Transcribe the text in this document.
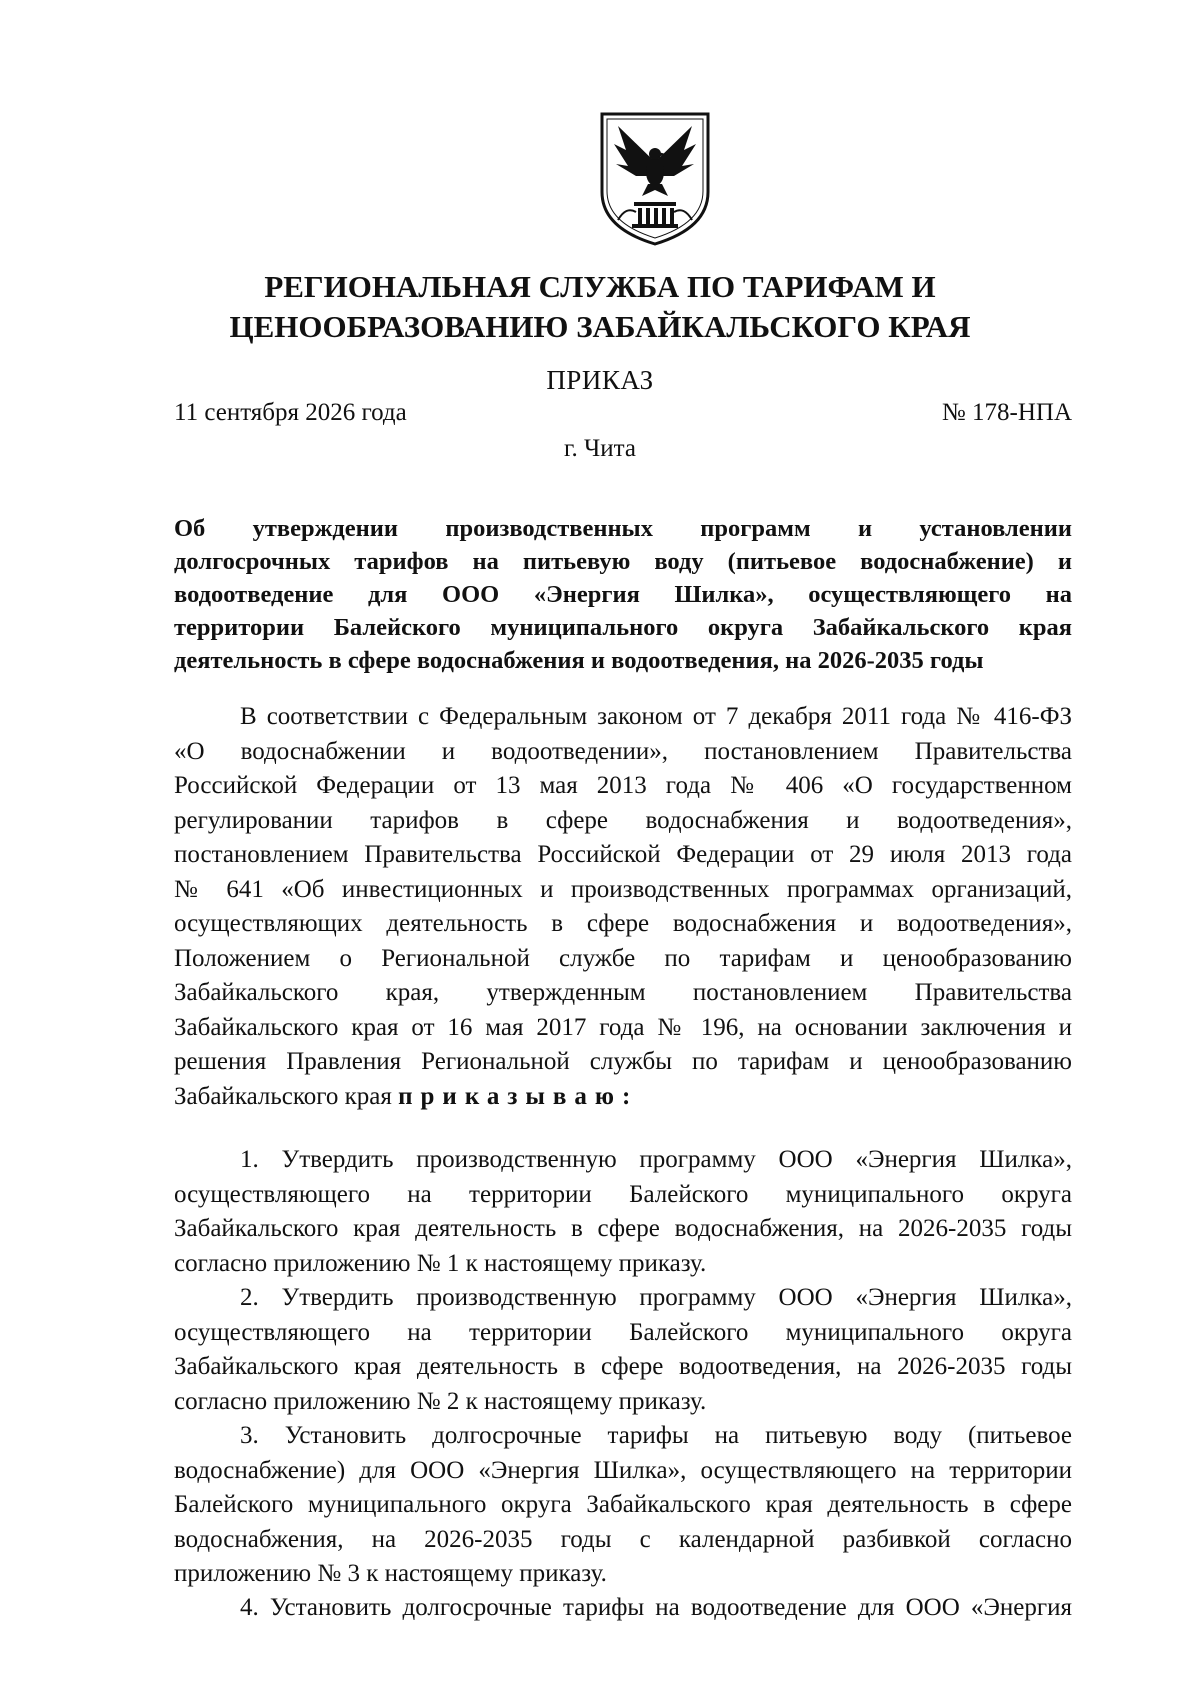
РЕГИОНАЛЬНАЯ СЛУЖБА ПО ТАРИФАМ И
ЦЕНООБРАЗОВАНИЮ ЗАБАЙКАЛЬСКОГО КРАЯ
ПРИКАЗ
11 сентября 2026 года	№ 178-НПА
г. Чита
Об утверждении производственных программ и установлении
долгосрочных тарифов на питьевую воду (питьевое водоснабжение) и
водоотведение для ООО «Энергия Шилка», осуществляющего на
территории Балейского муниципального округа Забайкальского края
деятельность в сфере водоснабжения и водоотведения, на 2026-2035 годы
В соответствии с Федеральным законом от 7 декабря 2011 года № 416-ФЗ
«О водоснабжении и водоотведении», постановлением Правительства
Российской Федерации от 13 мая 2013 года № 406 «О государственном
регулировании тарифов в сфере водоснабжения и водоотведения»,
постановлением Правительства Российской Федерации от 29 июля 2013 года
№ 641 «Об инвестиционных и производственных программах организаций,
осуществляющих деятельность в сфере водоснабжения и водоотведения»,
Положением о Региональной службе по тарифам и ценообразованию
Забайкальского края, утвержденным постановлением Правительства
Забайкальского края от 16 мая 2017 года № 196, на основании заключения и
решения Правления Региональной службы по тарифам и ценообразованию
Забайкальского края приказываю:
1. Утвердить производственную программу ООО «Энергия Шилка»,
осуществляющего на территории Балейского муниципального округа
Забайкальского края деятельность в сфере водоснабжения, на 2026-2035 годы
согласно приложению № 1 к настоящему приказу.
2. Утвердить производственную программу ООО «Энергия Шилка»,
осуществляющего на территории Балейского муниципального округа
Забайкальского края деятельность в сфере водоотведения, на 2026-2035 годы
согласно приложению № 2 к настоящему приказу.
3. Установить долгосрочные тарифы на питьевую воду (питьевое
водоснабжение) для ООО «Энергия Шилка», осуществляющего на территории
Балейского муниципального округа Забайкальского края деятельность в сфере
водоснабжения, на 2026-2035 годы с календарной разбивкой согласно
приложению № 3 к настоящему приказу.
4. Установить долгосрочные тарифы на водоотведение для ООО «Энергия
